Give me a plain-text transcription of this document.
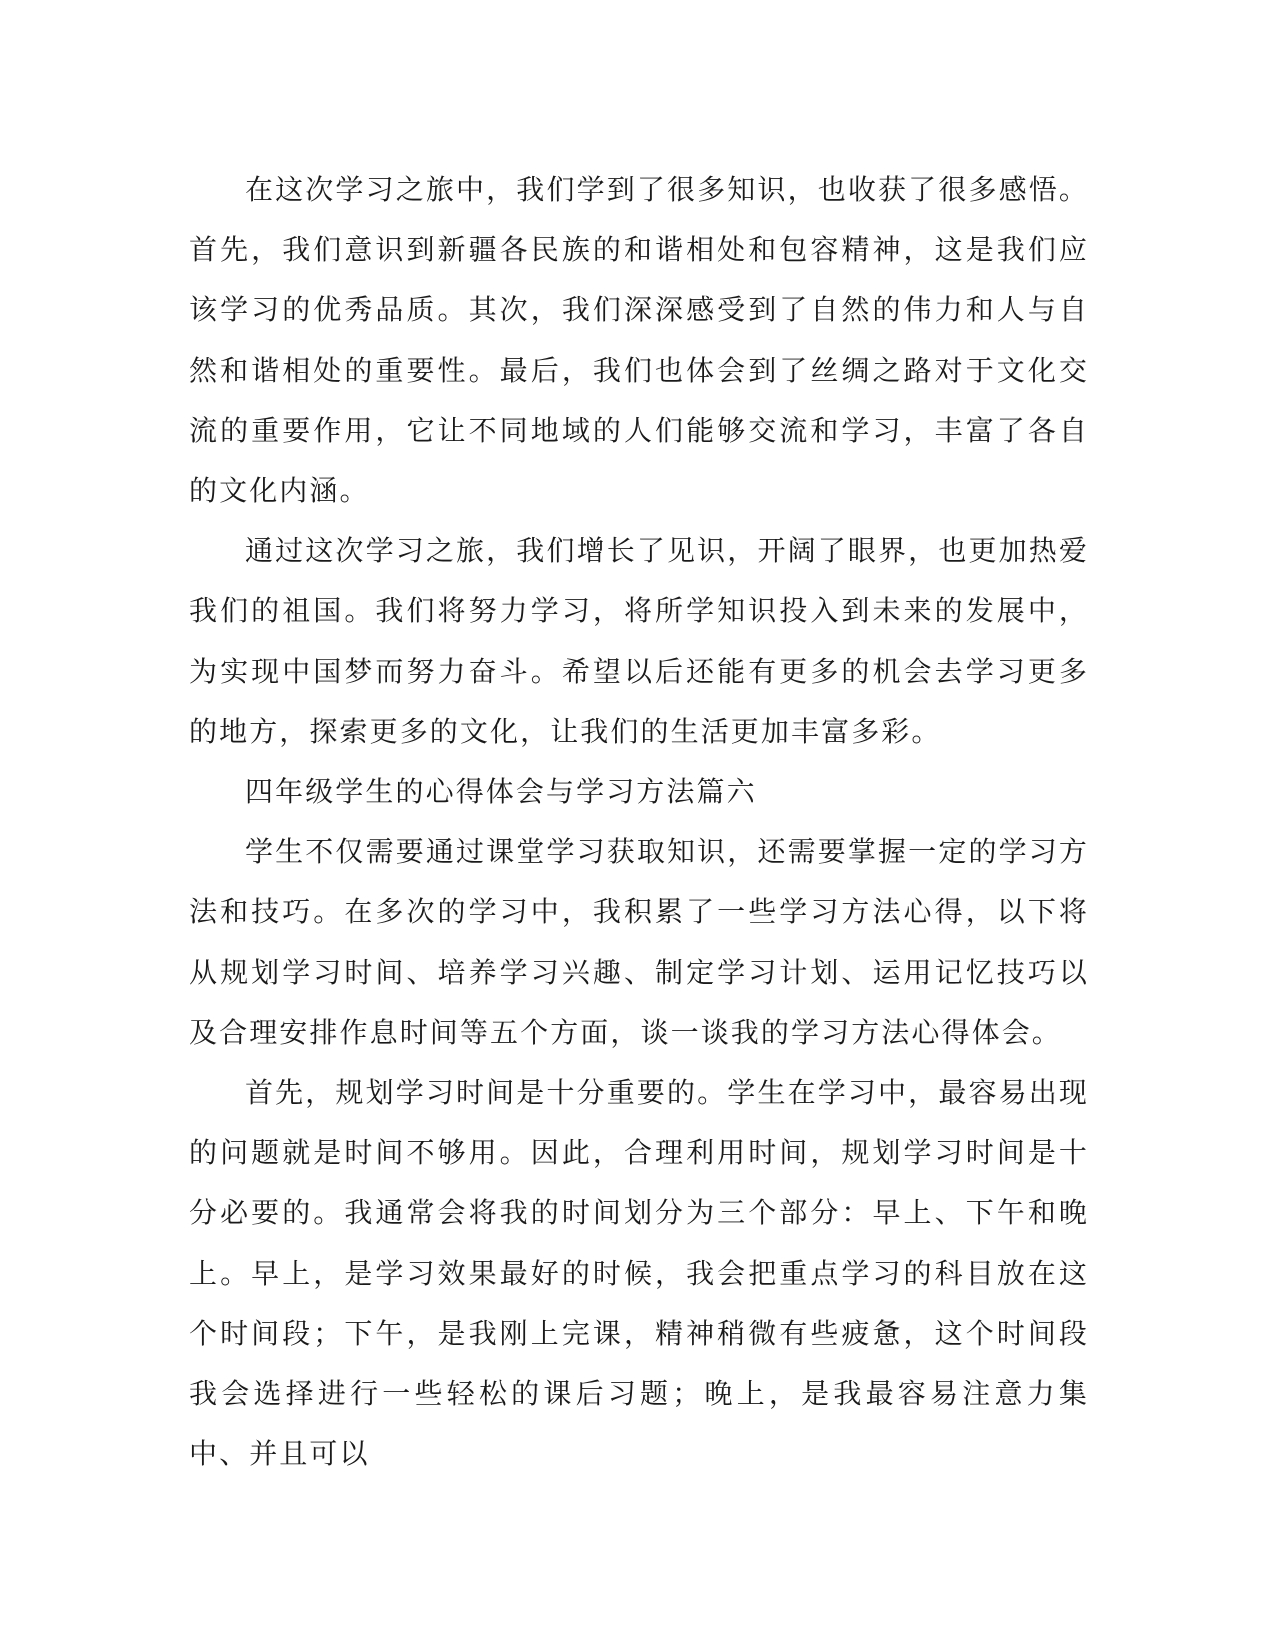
在这次学习之旅中，我们学到了很多知识，也收获了很多感悟。首先，我们意识到新疆各民族的和谐相处和包容精神，这是我们应该学习的优秀品质。其次，我们深深感受到了自然的伟力和人与自然和谐相处的重要性。最后，我们也体会到了丝绸之路对于文化交流的重要作用，它让不同地域的人们能够交流和学习，丰富了各自的文化内涵。

通过这次学习之旅，我们增长了见识，开阔了眼界，也更加热爱我们的祖国。我们将努力学习，将所学知识投入到未来的发展中，为实现中国梦而努力奋斗。希望以后还能有更多的机会去学习更多的地方，探索更多的文化，让我们的生活更加丰富多彩。

四年级学生的心得体会与学习方法篇六

学生不仅需要通过课堂学习获取知识，还需要掌握一定的学习方法和技巧。在多次的学习中，我积累了一些学习方法心得，以下将从规划学习时间、培养学习兴趣、制定学习计划、运用记忆技巧以及合理安排作息时间等五个方面，谈一谈我的学习方法心得体会。

首先，规划学习时间是十分重要的。学生在学习中，最容易出现的问题就是时间不够用。因此，合理利用时间，规划学习时间是十分必要的。我通常会将我的时间划分为三个部分：早上、下午和晚上。早上，是学习效果最好的时候，我会把重点学习的科目放在这个时间段；下午，是我刚上完课，精神稍微有些疲惫，这个时间段我会选择进行一些轻松的课后习题；晚上，是我最容易注意力集中、并且可以
